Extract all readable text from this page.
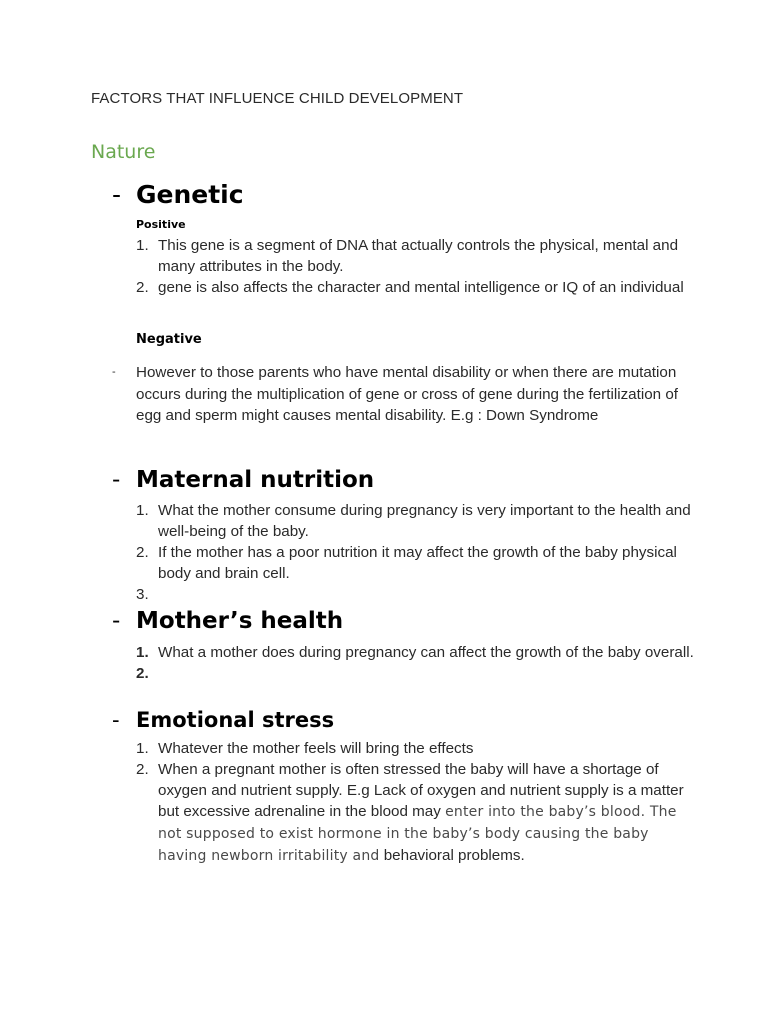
FACTORS THAT INFLUENCE CHILD DEVELOPMENT
Nature
- Genetic
Positive
1. This gene is a segment of DNA that actually controls the physical, mental and many attributes in the body.
2. gene is also affects the character and mental intelligence or IQ of an individual
Negative
- However to those parents who have mental disability or when there are mutation occurs during the multiplication of gene or cross of gene during the fertilization of egg and sperm might causes mental disability. E.g : Down Syndrome
- Maternal nutrition
1. What the mother consume during pregnancy is very important to the health and well-being of the baby.
2. If the mother has a poor nutrition it may affect the growth of the baby physical body and brain cell.
3.
- Mother’s health
1. What a mother does during pregnancy can affect the growth of the baby overall.
2.
- Emotional stress
1. Whatever the mother feels will bring the effects
2. When a pregnant mother is often stressed the baby will have a shortage of oxygen and nutrient supply. E.g Lack of oxygen and nutrient supply is a matter but excessive adrenaline in the blood may enter into the baby’s blood. The not supposed to exist hormone in the baby’s body causing the baby having newborn irritability and behavioral problems.
